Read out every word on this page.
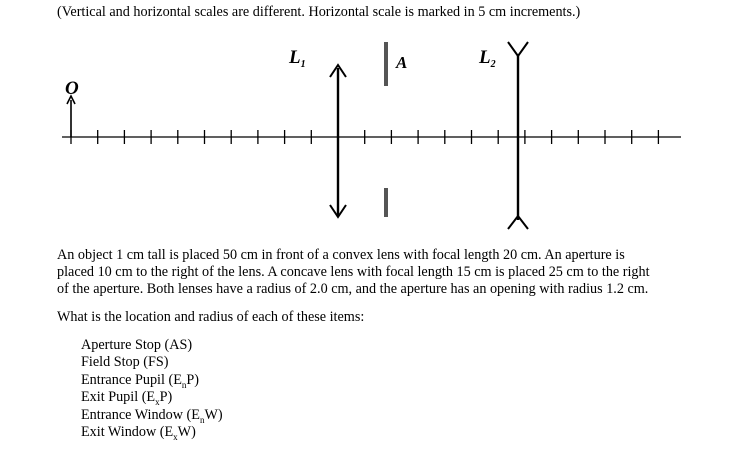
(Vertical and horizontal scales are different. Horizontal scale is marked in 5 cm increments.)
O
$L_1$	A	$L_2$
An object 1 cm tall is placed 50 cm in front of a convex lens with focal length 20 cm. An aperture is
placed 10 cm to the right of the lens. A concave lens with focal length 15 cm is placed 25 cm to the right
of the aperture. Both lenses have a radius of 2.0 cm, and the aperture has an opening with radius 1.2 cm.
What is the location and radius of each of these items:
Aperture Stop (AS)
Field Stop (FS)
Entrance Pupil $(E_nP)$
Exit Pupil $(E_xP)$
Entrance Window $(E_nW)$
Exit Window $(E_xW)$
